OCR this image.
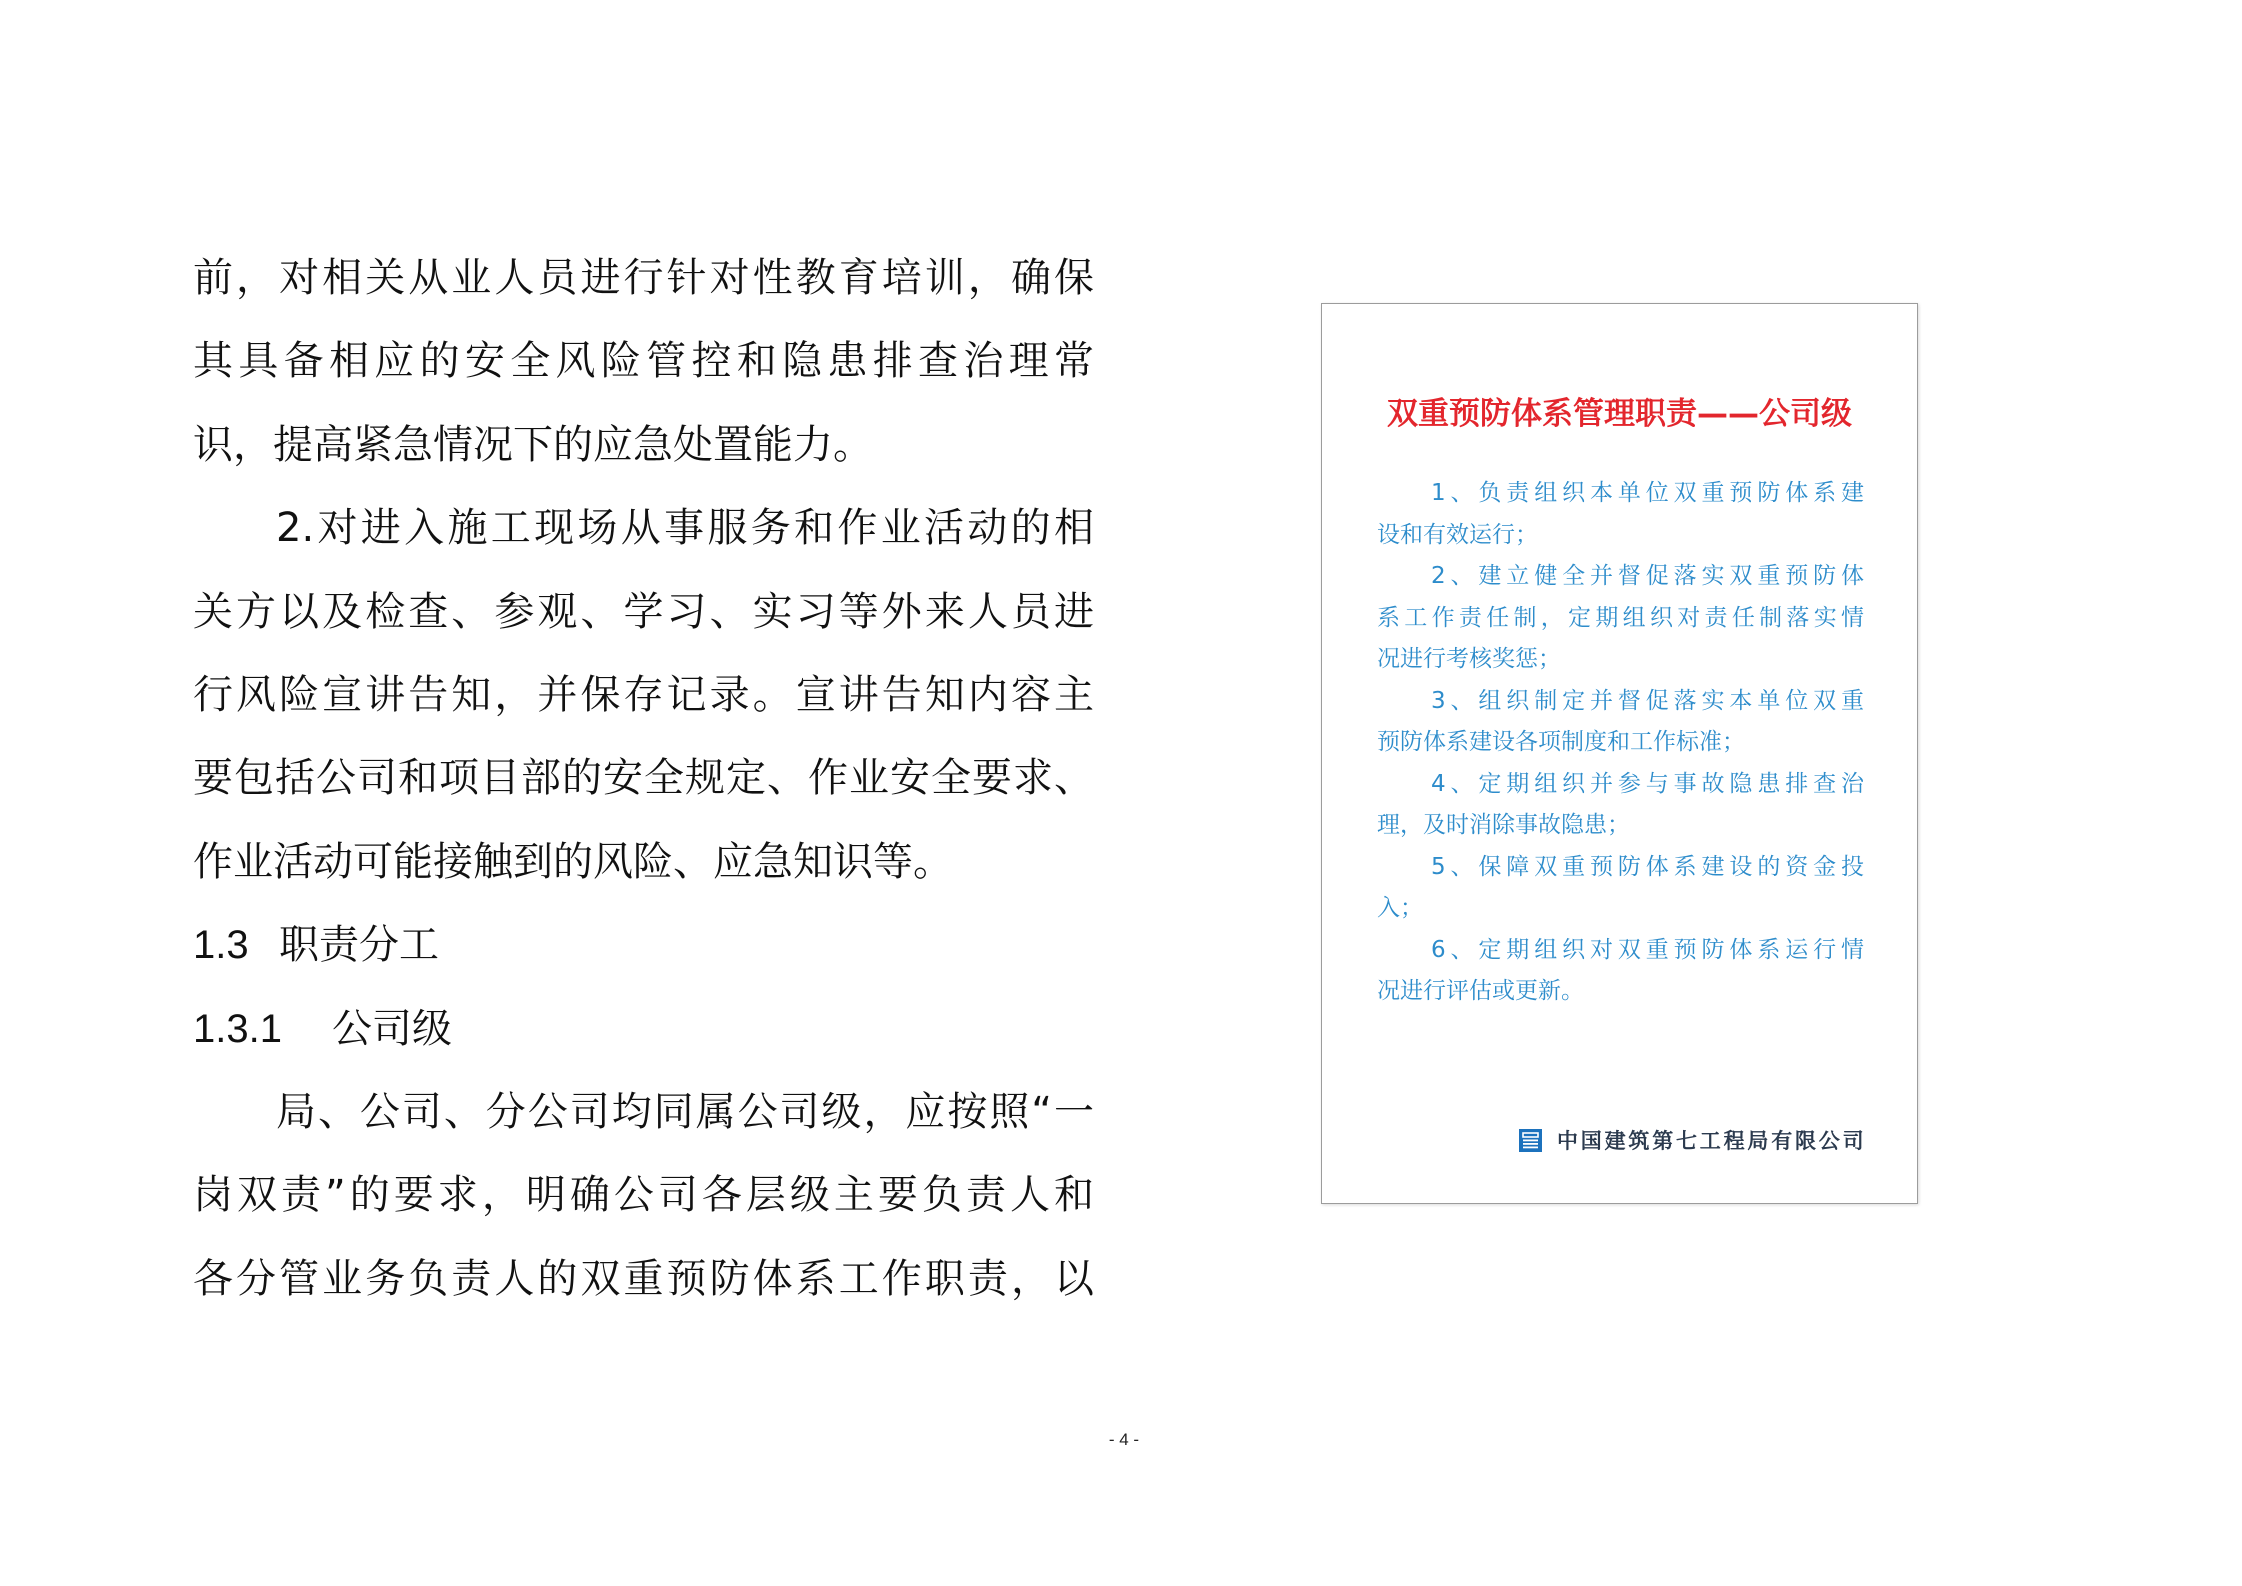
前，对相关从业人员进行针对性教育培训，确保
其具备相应的安全风险管控和隐患排查治理常
识，提高紧急情况下的应急处置能力。
2.对进入施工现场从事服务和作业活动的相
关方以及检查、参观、学习、实习等外来人员进
行风险宣讲告知，并保存记录。宣讲告知内容主
要包括公司和项目部的安全规定、作业安全要求、
作业活动可能接触到的风险、应急知识等。
1.3 职责分工
1.3.1 公司级
局、公司、分公司均同属公司级，应按照“一
岗双责”的要求，明确公司各层级主要负责人和
各分管业务负责人的双重预防体系工作职责，以
双重预防体系管理职责——公司级
1、负责组织本单位双重预防体系建
设和有效运行；
2、建立健全并督促落实双重预防体
系工作责任制，定期组织对责任制落实情
况进行考核奖惩；
3、组织制定并督促落实本单位双重
预防体系建设各项制度和工作标准；
4、定期组织并参与事故隐患排查治
理，及时消除事故隐患；
5、保障双重预防体系建设的资金投
入；
6、定期组织对双重预防体系运行情
况进行评估或更新。
中国建筑第七工程局有限公司
- 4 -
